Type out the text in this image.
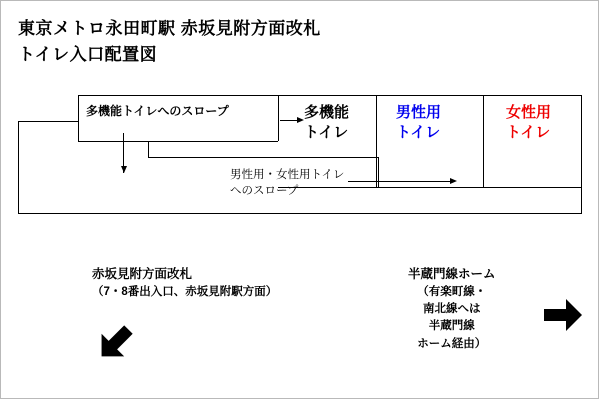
東京メトロ永田町駅 赤坂見附方面改札
トイレ入口配置図
多機能トイレへのスロープ
男性用・女性用トイレ
へのスロープ
多機能
トイレ
男性用
トイレ
女性用
トイレ
赤坂見附方面改札
（7・8番出入口、赤坂見附駅方面）
半蔵門線ホーム
（有楽町線・
南北線へは
半蔵門線
ホーム経由）
